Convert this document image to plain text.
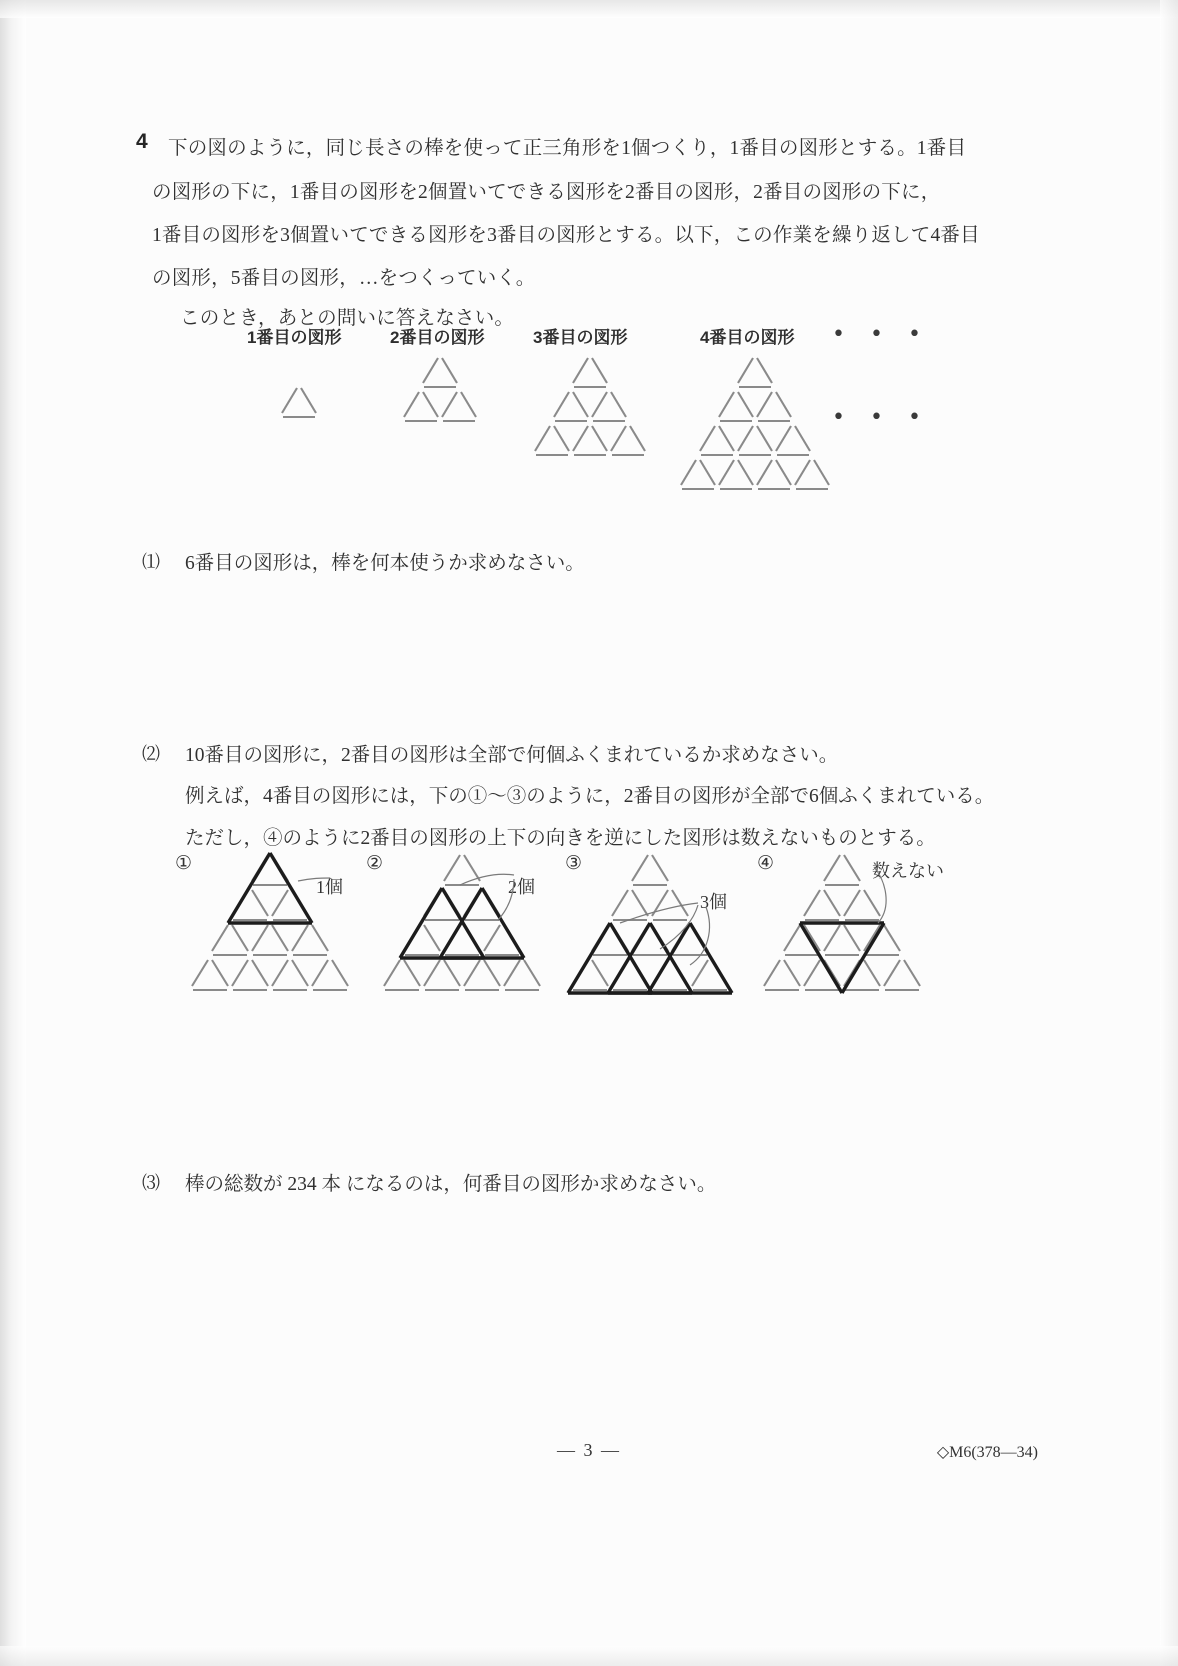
4 下の図のように，同じ長さの棒を使って正三角形を1個つくり，1番目の図形とする。1番目
の図形の下に，1番目の図形を2個置いてできる図形を2番目の図形，2番目の図形の下に，
1番目の図形を3個置いてできる図形を3番目の図形とする。以下，この作業を繰り返して4番目
の図形，5番目の図形，…をつくっていく。
このとき，あとの問いに答えなさい。
1番目の図形	2番目の図形	3番目の図形	4番目の図形 • • •
• • •
⑴ 6番目の図形は，棒を何本使うか求めなさい。
⑵ 10番目の図形に，2番目の図形は全部で何個ふくまれているか求めなさい。
例えば，4番目の図形には，下の①～③のように，2番目の図形が全部で6個ふくまれている。
ただし，④のように2番目の図形の上下の向きを逆にした図形は数えないものとする。
①	②	③	④
1個	2個
3個
数えない
⑶ 棒の総数が 234 本 になるのは，何番目の図形か求めなさい。
— 3 —	◇M6(378—34)
